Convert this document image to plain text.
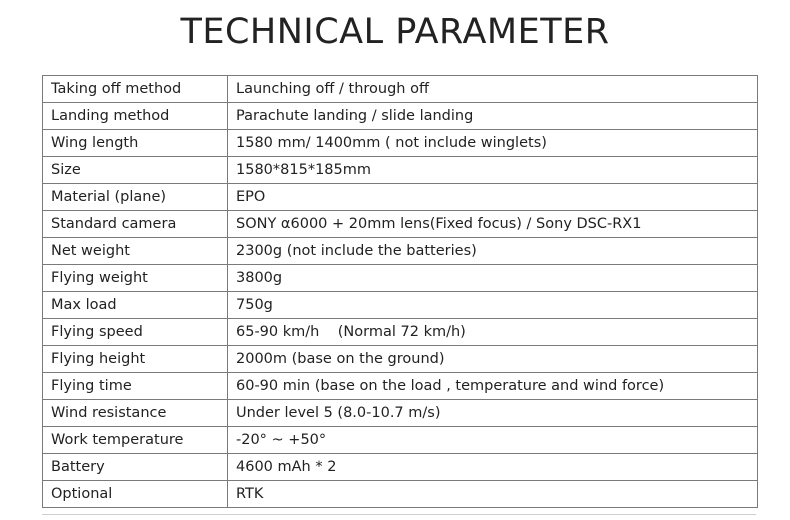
TECHNICAL PARAMETER
Taking off method	Launching off / through off
Landing method	Parachute landing / slide landing
Wing length	1580 mm/ 1400mm ( not include winglets)
Size	1580*815*185mm
Material (plane)	EPO
Standard camera	SONY α6000 + 20mm lens(Fixed focus) / Sony DSC-RX1
Net weight	2300g (not include the batteries)
Flying weight	3800g
Max load	750g
Flying speed	65-90 km/h    (Normal 72 km/h)
Flying height	2000m (base on the ground)
Flying time	60-90 min (base on the load , temperature and wind force)
Wind resistance	Under level 5 (8.0-10.7 m/s)
Work temperature	-20° ~ +50°
Battery	4600 mAh * 2
Optional	RTK
